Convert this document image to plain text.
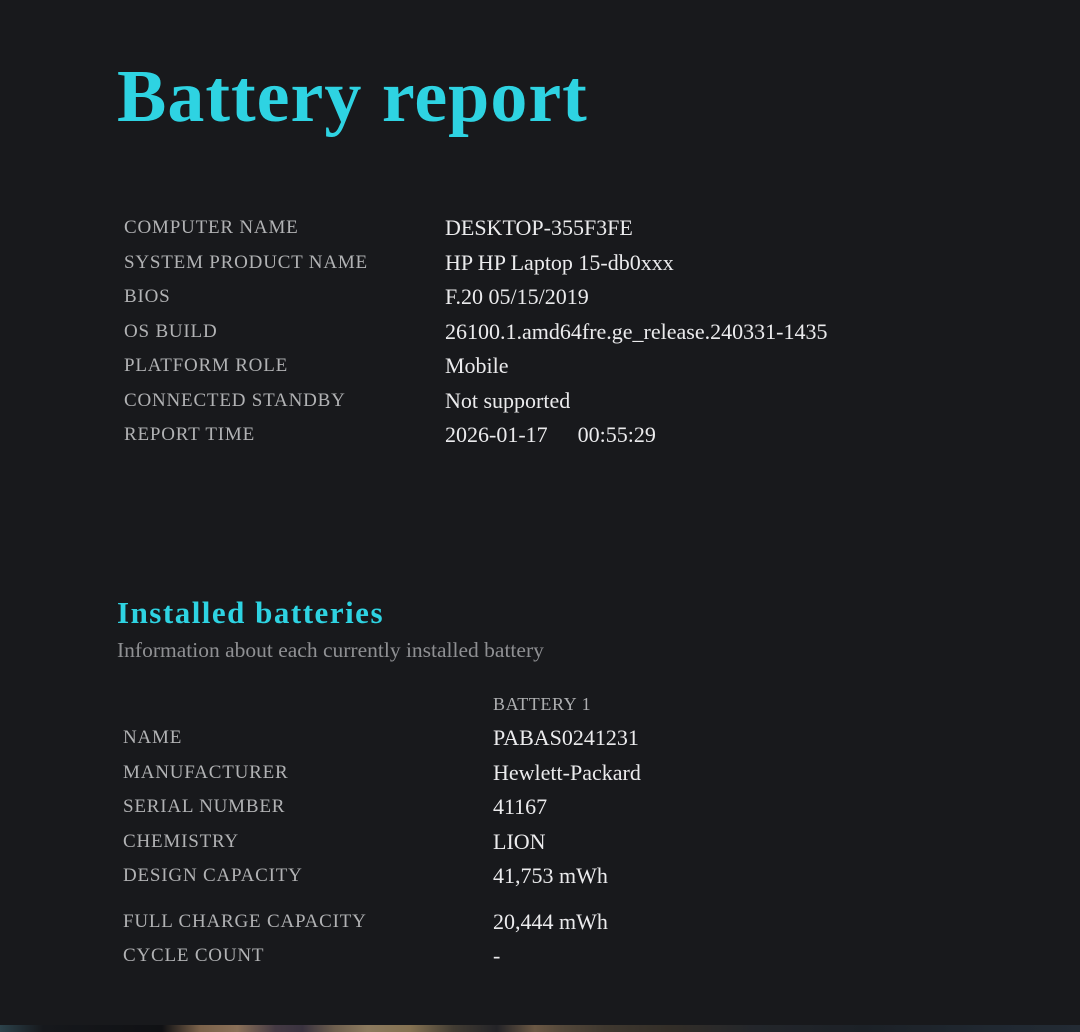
Battery report
COMPUTER NAME	DESKTOP-355F3FE
SYSTEM PRODUCT NAME	HP HP Laptop 15-db0xxx
BIOS	F.20 05/15/2019
OS BUILD	26100.1.amd64fre.ge_release.240331-1435
PLATFORM ROLE	Mobile
CONNECTED STANDBY	Not supported
REPORT TIME	2026-01-17 00:55:29
Installed batteries
Information about each currently installed battery
BATTERY 1
NAME	PABAS0241231
MANUFACTURER	Hewlett-Packard
SERIAL NUMBER	41167
CHEMISTRY	LION
DESIGN CAPACITY	41,753 mWh
FULL CHARGE CAPACITY	20,444 mWh
CYCLE COUNT	-
